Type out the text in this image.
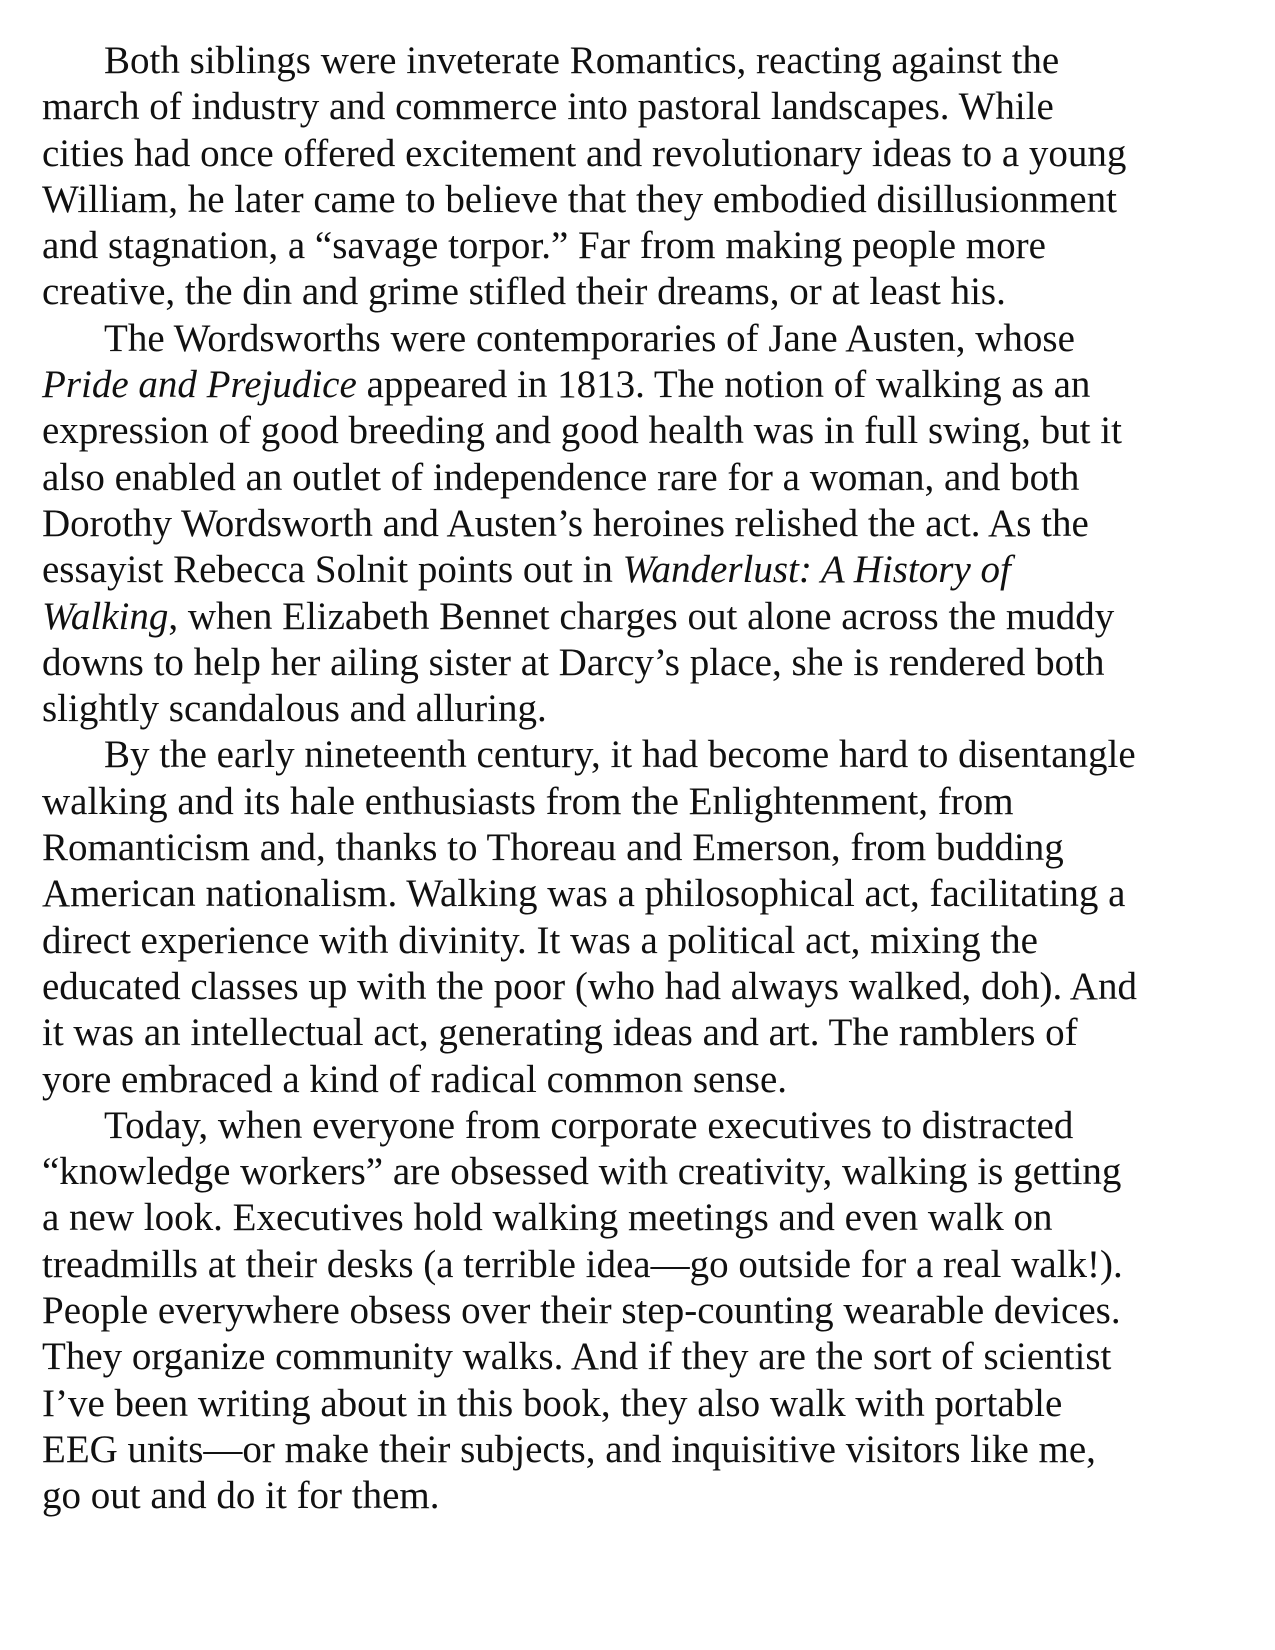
Both siblings were inveterate Romantics, reacting against the
march of industry and commerce into pastoral landscapes. While
cities had once offered excitement and revolutionary ideas to a young
William, he later came to believe that they embodied disillusionment
and stagnation, a “savage torpor.” Far from making people more
creative, the din and grime stifled their dreams, or at least his.

The Wordsworths were contemporaries of Jane Austen, whose
Pride and Prejudice appeared in 1813. The notion of walking as an
expression of good breeding and good health was in full swing, but it
also enabled an outlet of independence rare for a woman, and both
Dorothy Wordsworth and Austen’s heroines relished the act. As the
essayist Rebecca Solnit points out in Wanderlust: A History of
Walking, when Elizabeth Bennet charges out alone across the muddy
downs to help her ailing sister at Darcy’s place, she is rendered both
slightly scandalous and alluring.

By the early nineteenth century, it had become hard to disentangle
walking and its hale enthusiasts from the Enlightenment, from
Romanticism and, thanks to Thoreau and Emerson, from budding
American nationalism. Walking was a philosophical act, facilitating a
direct experience with divinity. It was a political act, mixing the
educated classes up with the poor (who had always walked, doh). And
it was an intellectual act, generating ideas and art. The ramblers of
yore embraced a kind of radical common sense.

Today, when everyone from corporate executives to distracted
“knowledge workers” are obsessed with creativity, walking is getting
a new look. Executives hold walking meetings and even walk on
treadmills at their desks (a terrible idea—go outside for a real walk!).
People everywhere obsess over their step-counting wearable devices.
They organize community walks. And if they are the sort of scientist
I’ve been writing about in this book, they also walk with portable
EEG units—or make their subjects, and inquisitive visitors like me,
go out and do it for them.
